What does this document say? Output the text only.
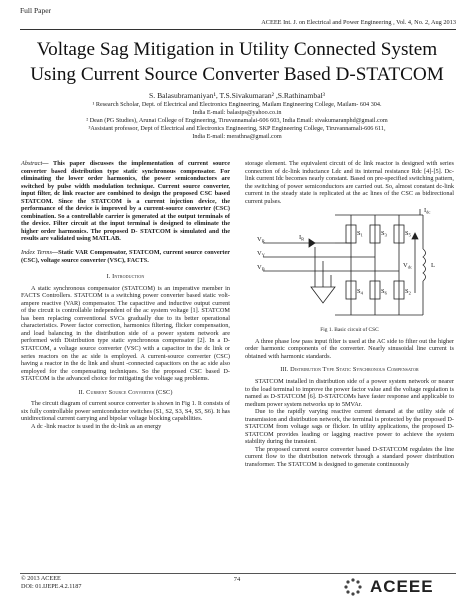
Full Paper
ACEEE Int. J. on Electrical and Power Engineering , Vol. 4, No. 2, Aug 2013
Voltage Sag Mitigation in Utility Connected System
Using Current Source Converter Based D-STATCOM
S. Balasubramaniyan¹, T.S.Sivakumaran² ,S.Rathinambal³
¹ Research Scholar, Dept. of Electrical and Electronics Engineering, Mailam Engineering College, Mailam- 604 304.
India E-mail: balasips@yahoo.co.in
² Dean (PG Studies), Arunai College of Engineering, Tiruvannamalai-606 603, India Email: sivakumaranphd@gmail.com
³Assistant professor, Dept of Electrical and Electronics Engineering, SKP Engineering College, Tiruvannamali-606 611,
India E-mail: merathna@gmail.com

Abstract— This paper discusses the implementation of current source converter based distribution type static synchronous compensator. For eliminating the lower order harmonics, the power semiconductors are switched by pulse width modulation technique. Current source converter, input filter, dc link reactor are combined to design the proposed CSC based STATCOM. Since the STATCOM is a current injection device, the performance of the device is improved by a current-source converter (CSC) combination. So a controllable carrier is generated at the output terminals of the device. Filter circuit at the input terminal is designed to eliminate the higher order harmonics. The proposed D- STATCOM is simulated and the results are validated using MATLAB.

Index Terms—Static VAR Compensator, STATCOM, current source converter (CSC), voltage source converter (VSC), FACTS.

I. Introduction

A static synchronous compensator (STATCOM) is an imperative member in FACTS Controllers. STATCOM is a switching power converter based static volt-ampere reactive (VAR) compensator. The capacitive and inductive output current of the circuit is controllable independent of the ac system voltage [1]. STATCOM has been replacing conventional SVCs gradually due to its better operational characteristics. Power factor correction, harmonics filtering, flicker compensation, and load balancing in the distribution side of a power system network are performed with Distribution type static synchronous compensator [2]. In a D-STATCOM, a voltage source converter (VSC) with a capacitor in the dc link or series reactors on the ac side is employed. A current-source converter (CSC) having a reactor in the dc link and shunt -connected capacitors on the ac side also employed for the compensating techniques. So the proposed CSC based D-STATCOM is the advanced choice for mitigating the voltage sag problems.

II. Current Source Converter (CSC)

The circuit diagram of current source converter is shown in Fig 1. It consists of six fully controllable power semiconductor switches (S1, S2, S3, S4, S5, S6). It has unidirectional current carrying and bipolar voltage blocking capabilities.

A dc -link reactor is used in the dc-link as an energy

storage element. The equivalent circuit of dc link reactor is designed with series connection of dc-link inductance Ldc and its internal resistance Rdc [4]-[5]. Dc-link current Idc becomes nearly constant. Based on pre-specified switching pattern, the switching of power semiconductors are carried out. So, almost constant dc-link current in the steady state is replicated at the ac lines of the CSC as bidirectional current pulses.

$V_R$
$V_Y$
$V_B$
$I_R$
$S_1$	$S_3$	$S_5$
$S_4$	$S_6$	$S_2$
$I_{dc}$
$V_{dc}$	L
Fig 1. Basic circuit of CSC

A three phase low pass input filter is used at the AC side to filter out the higher order harmonic components of the converter. Nearly sinusoidal line current is obtained with harmonic standards.

III. Distribution Type Static Synchronous Compensator

STATCOM installed in distribution side of a power system network or nearer to the load terminal to improve the power factor value and the voltage regulation is named as D-STATCOM [6]. D-STATCOMs have faster response and applicable to medium power system networks up to 5MVAr.

Due to the rapidly varying reactive current demand at the utility side of transmission and distribution network, the terminal is protected by the proposed D-STATCOM from voltage sags or flicker. In utility applications, the proposed D-STATCOM provides leading or lagging reactive power to achieve the system stability during the transient.

The proposed current source converter based D-STATCOM regulates the line current flow to the distribution network through a standard power distribution transformer. The STATCOM is designed to generate continuously

© 2013 ACEEE
DOI: 01.IJEPE.4.2.1187
74	ACEEE
